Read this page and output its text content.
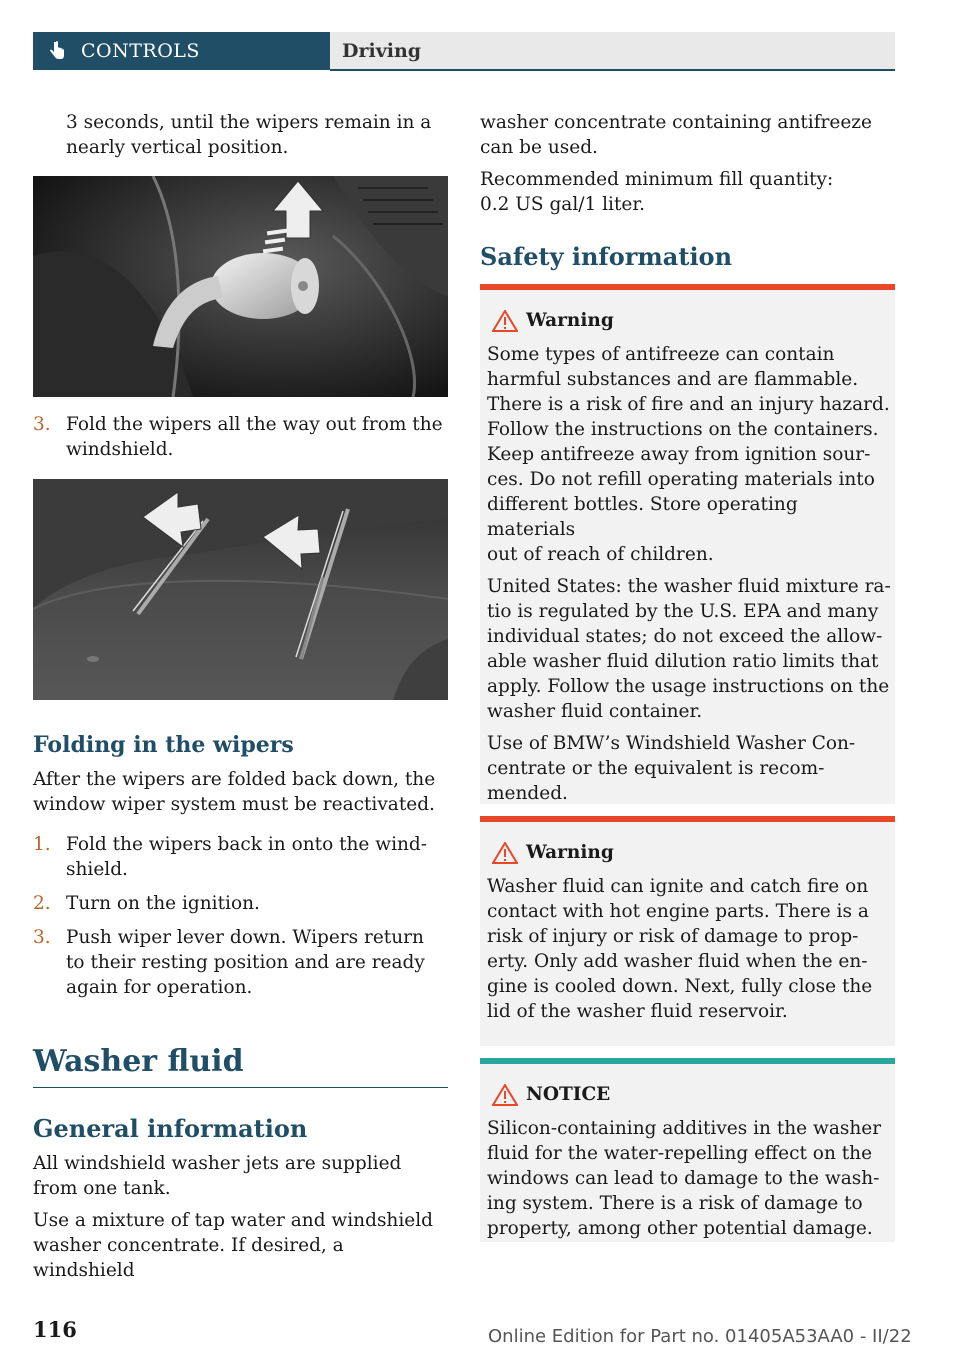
CONTROLS	Driving

3 seconds, until the wipers remain in a

nearly vertical position.

3. Fold the wipers all the way out from the
windshield.
Folding in the wipers

After the wipers are folded back down, the

window wiper system must be reactivated.

1. Fold the wipers back in onto the wind-
shield.
2. Turn on the ignition.
3. Push wiper lever down. Wipers return
to their resting position and are ready
again for operation.
Washer fluid
General information

All windshield washer jets are supplied

from one tank.

Use a mixture of tap water and windshield

washer concentrate. If desired, a windshield

washer concentrate containing antifreeze

can be used.

Recommended minimum fill quantity:

0.2 US gal/1 liter.

Safety information
Warning

Some types of antifreeze can contain
harmful substances and are flammable.
There is a risk of fire and an injury hazard.
Follow the instructions on the containers.
Keep antifreeze away from ignition sour-
ces. Do not refill operating materials into
different bottles. Store operating materials
out of reach of children.

United States: the washer fluid mixture ra-
tio is regulated by the U.S. EPA and many
individual states; do not exceed the allow-
able washer fluid dilution ratio limits that
apply. Follow the usage instructions on the
washer fluid container.

Use of BMW’s Windshield Washer Con-
centrate or the equivalent is recom-
mended.

Warning

Washer fluid can ignite and catch fire on
contact with hot engine parts. There is a
risk of injury or risk of damage to prop-
erty. Only add washer fluid when the en-
gine is cooled down. Next, fully close the
lid of the washer fluid reservoir.

NOTICE

Silicon-containing additives in the washer
fluid for the water-repelling effect on the
windows can lead to damage to the wash-
ing system. There is a risk of damage to
property, among other potential damage.

116	Online Edition for Part no. 01405A53AA0 - II/22
